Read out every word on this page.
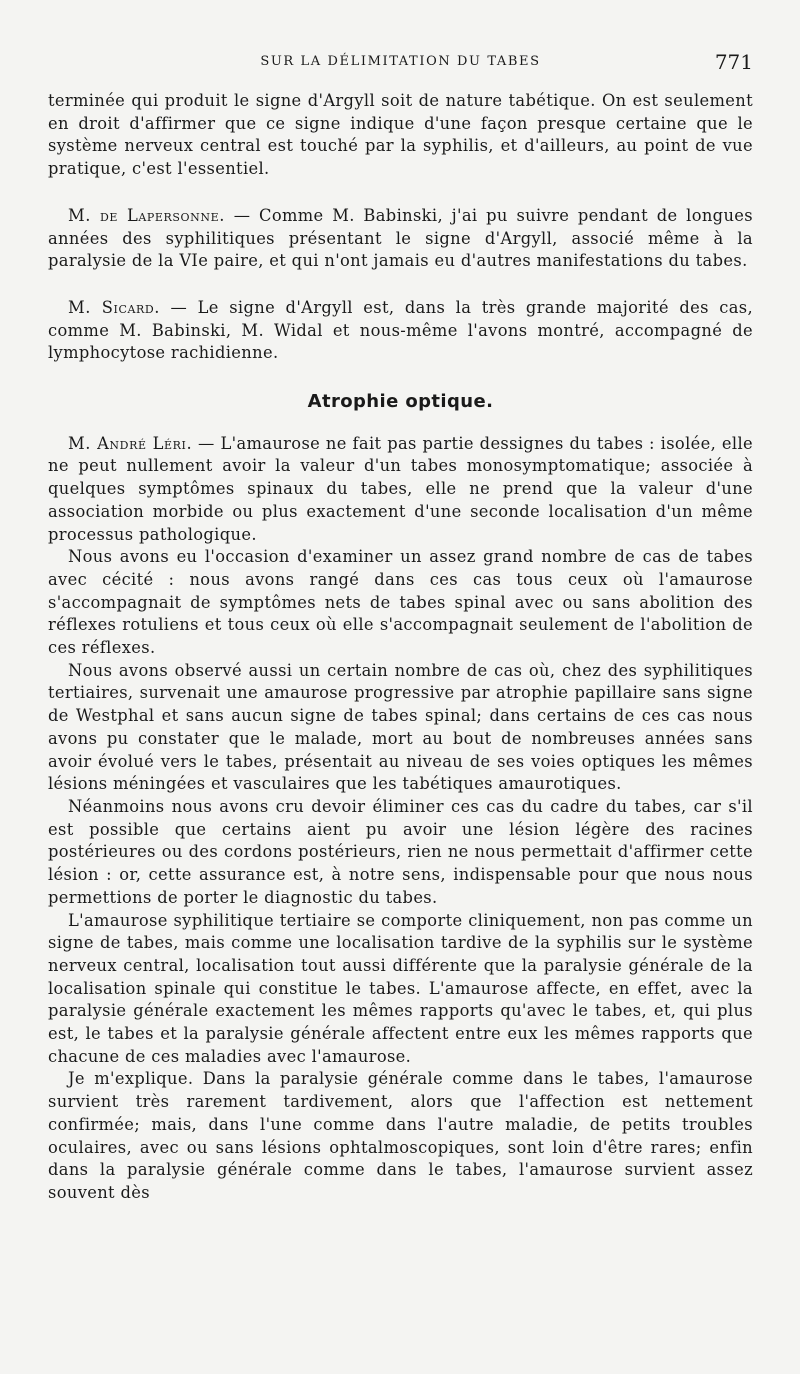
SUR LA DÉLIMITATION DU TABES	771

terminée qui produit le signe d'Argyll soit de nature tabétique. On est seulement en droit d'affirmer que ce signe indique d'une façon presque certaine que le système nerveux central est touché par la syphilis, et d'ailleurs, au point de vue pratique, c'est l'essentiel.

M. de Lapersonne. — Comme M. Babinski, j'ai pu suivre pendant de longues années des syphilitiques présentant le signe d'Argyll, associé même à la paralysie de la VIe paire, et qui n'ont jamais eu d'autres manifestations du tabes.

M. Sicard. — Le signe d'Argyll est, dans la très grande majorité des cas, comme M. Babinski, M. Widal et nous-même l'avons montré, accompagné de lymphocytose rachidienne.

Atrophie optique.

M. André Léri. — L'amaurose ne fait pas partie dessignes du tabes : isolée, elle ne peut nullement avoir la valeur d'un tabes monosymptomatique; associée à quelques symptômes spinaux du tabes, elle ne prend que la valeur d'une association morbide ou plus exactement d'une seconde localisation d'un même processus pathologique.

Nous avons eu l'occasion d'examiner un assez grand nombre de cas de tabes avec cécité : nous avons rangé dans ces cas tous ceux où l'amaurose s'accompagnait de symptômes nets de tabes spinal avec ou sans abolition des réflexes rotuliens et tous ceux où elle s'accompagnait seulement de l'abolition de ces réflexes.

Nous avons observé aussi un certain nombre de cas où, chez des syphilitiques tertiaires, survenait une amaurose progressive par atrophie papillaire sans signe de Westphal et sans aucun signe de tabes spinal; dans certains de ces cas nous avons pu constater que le malade, mort au bout de nombreuses années sans avoir évolué vers le tabes, présentait au niveau de ses voies optiques les mêmes lésions méningées et vasculaires que les tabétiques amaurotiques.

Néanmoins nous avons cru devoir éliminer ces cas du cadre du tabes, car s'il est possible que certains aient pu avoir une lésion légère des racines postérieures ou des cordons postérieurs, rien ne nous permettait d'affirmer cette lésion : or, cette assurance est, à notre sens, indispensable pour que nous nous permettions de porter le diagnostic du tabes.

L'amaurose syphilitique tertiaire se comporte cliniquement, non pas comme un signe de tabes, mais comme une localisation tardive de la syphilis sur le système nerveux central, localisation tout aussi différente que la paralysie générale de la localisation spinale qui constitue le tabes. L'amaurose affecte, en effet, avec la paralysie générale exactement les mêmes rapports qu'avec le tabes, et, qui plus est, le tabes et la paralysie générale affectent entre eux les mêmes rapports que chacune de ces maladies avec l'amaurose.

Je m'explique. Dans la paralysie générale comme dans le tabes, l'amaurose survient très rarement tardivement, alors que l'affection est nettement confirmée; mais, dans l'une comme dans l'autre maladie, de petits troubles oculaires, avec ou sans lésions ophtalmoscopiques, sont loin d'être rares; enfin dans la paralysie générale comme dans le tabes, l'amaurose survient assez souvent dès
